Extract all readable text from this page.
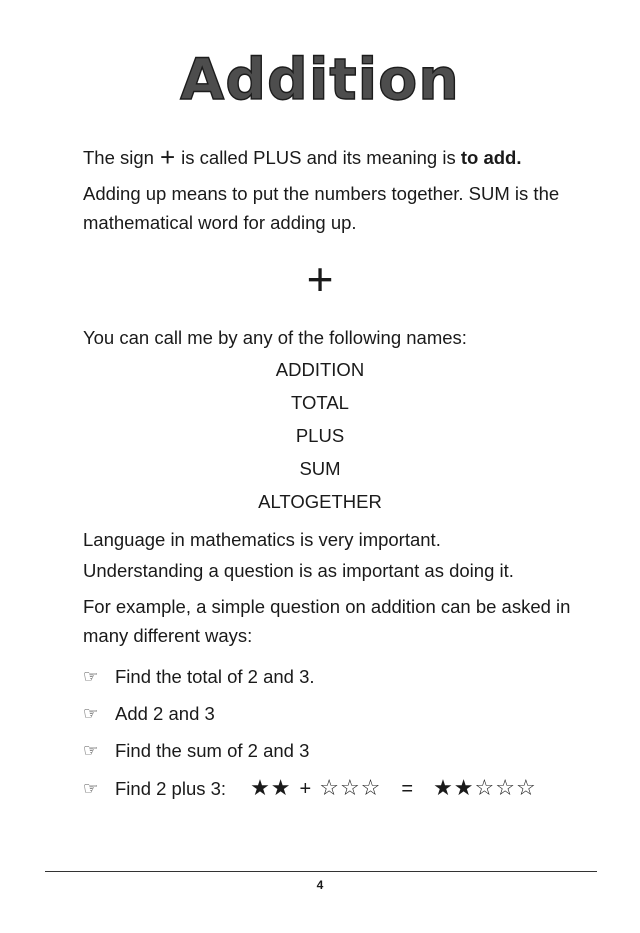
Addition

The sign + is called PLUS and its meaning is to add.

Adding up means to put the numbers together. SUM is the mathematical word for adding up.

+

You can call me by any of the following names:

ADDITION
TOTAL
PLUS
SUM
ALTOGETHER

Language in mathematics is very important.

Understanding a question is as important as doing it.

For example, a simple question on addition can be asked in many different ways:

☞ Find the total of 2 and 3.
☞ Add 2 and 3
☞ Find the sum of 2 and 3
☞ Find 2 plus 3: ★★ + ☆☆☆ = ★★☆☆☆
4
